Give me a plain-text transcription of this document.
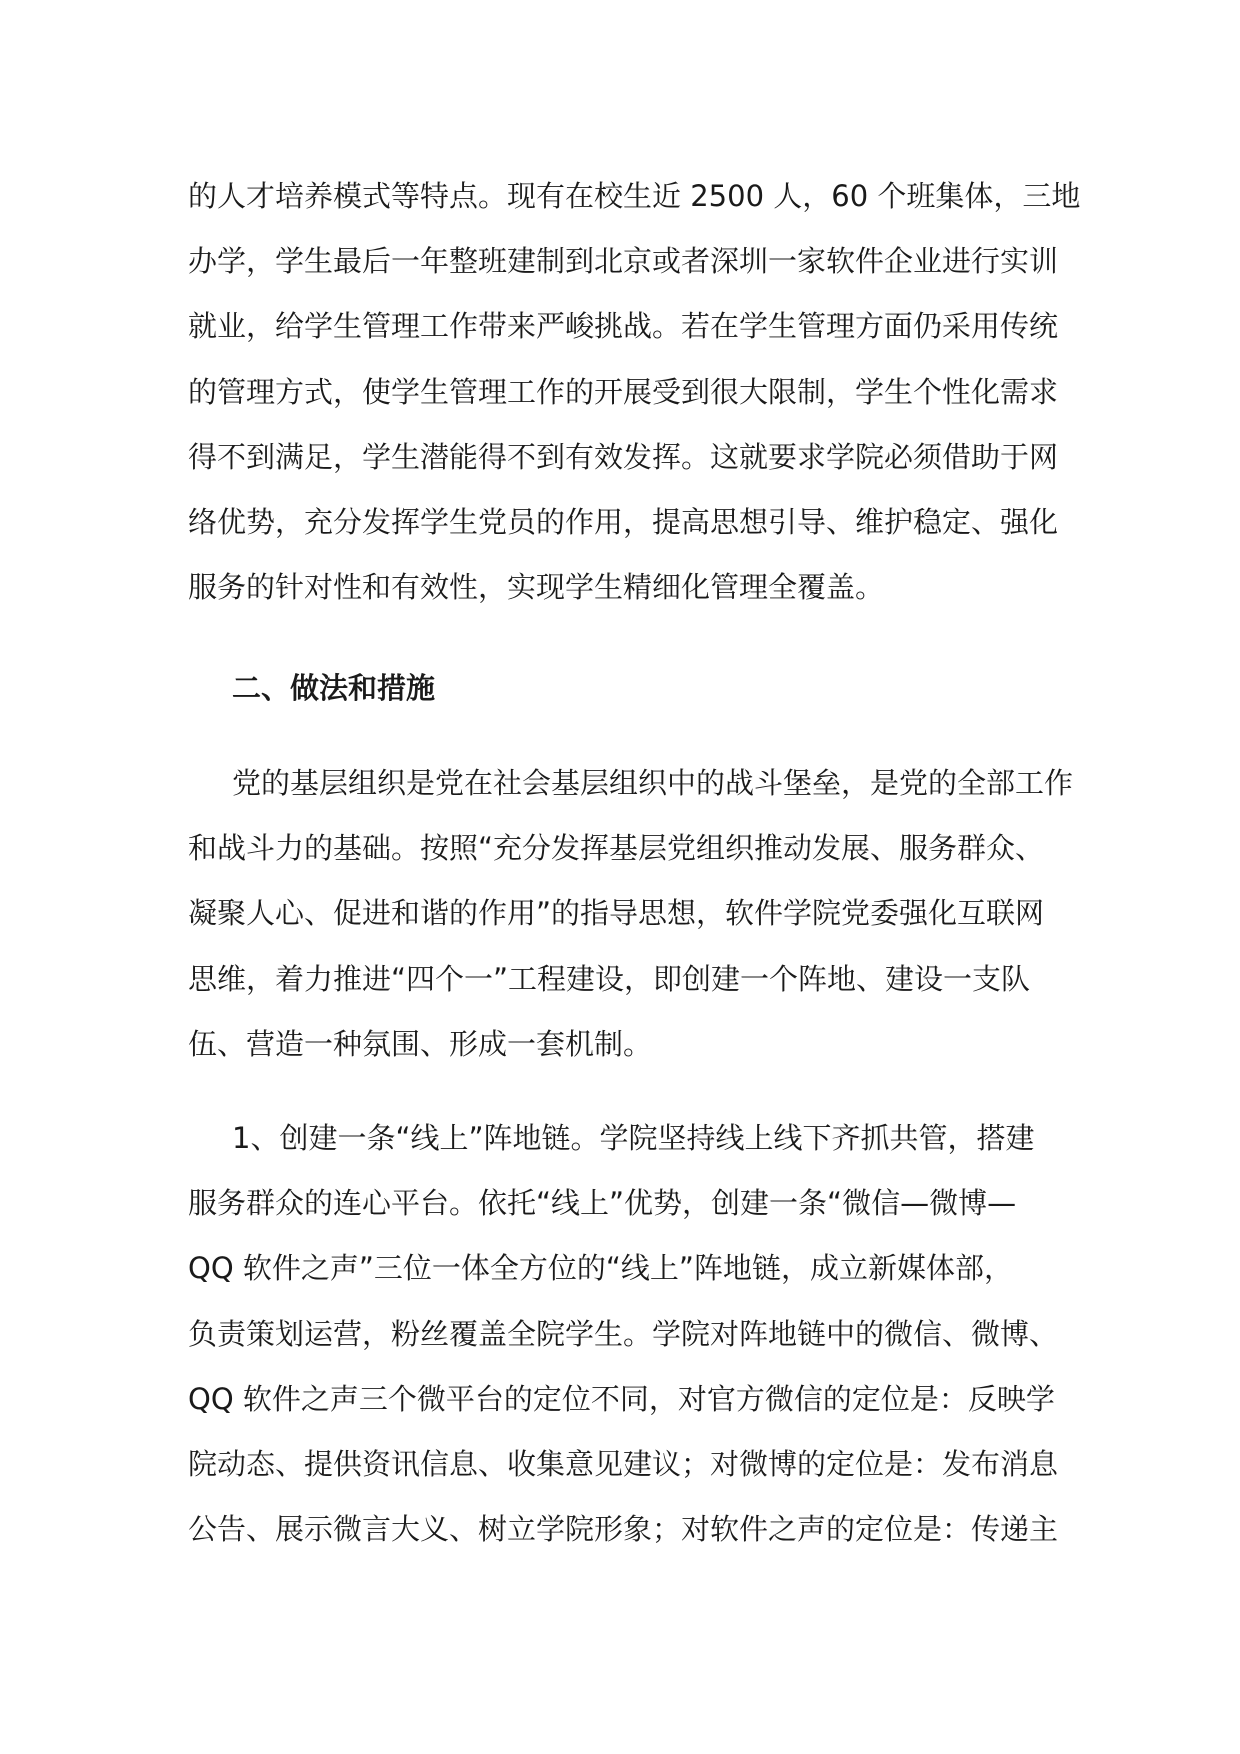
的人才培养模式等特点。现有在校生近 2500 人，60 个班集体，三地
办学，学生最后一年整班建制到北京或者深圳一家软件企业进行实训
就业，给学生管理工作带来严峻挑战。若在学生管理方面仍采用传统
的管理方式，使学生管理工作的开展受到很大限制，学生个性化需求
得不到满足，学生潜能得不到有效发挥。这就要求学院必须借助于网
络优势，充分发挥学生党员的作用，提高思想引导、维护稳定、强化
服务的针对性和有效性，实现学生精细化管理全覆盖。
二、做法和措施
党的基层组织是党在社会基层组织中的战斗堡垒，是党的全部工作
和战斗力的基础。按照“充分发挥基层党组织推动发展、服务群众、
凝聚人心、促进和谐的作用”的指导思想，软件学院党委强化互联网
思维，着力推进“四个一”工程建设，即创建一个阵地、建设一支队
伍、营造一种氛围、形成一套机制。
1、创建一条“线上”阵地链。学院坚持线上线下齐抓共管，搭建
服务群众的连心平台。依托“线上”优势，创建一条“微信—微博—
QQ 软件之声”三位一体全方位的“线上”阵地链，成立新媒体部，
负责策划运营，粉丝覆盖全院学生。学院对阵地链中的微信、微博、
QQ 软件之声三个微平台的定位不同，对官方微信的定位是：反映学
院动态、提供资讯信息、收集意见建议；对微博的定位是：发布消息
公告、展示微言大义、树立学院形象；对软件之声的定位是：传递主
